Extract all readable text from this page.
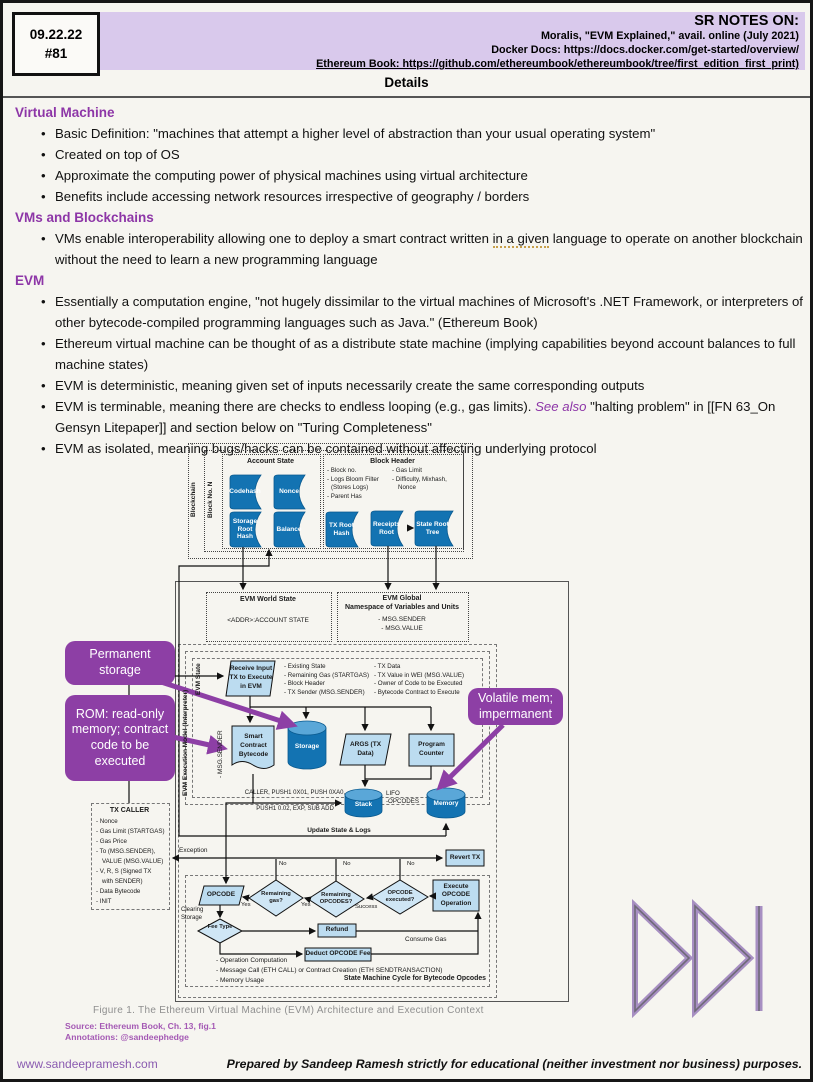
09.22.22
#81
SR NOTES ON:
Moralis, "EVM Explained," avail. online (July 2021)
Docker Docs: https://docs.docker.com/get-started/overview/
Ethereum Book: https://github.com/ethereumbook/ethereumbook/tree/first_edition_first_print)
Details
Virtual Machine
• Basic Definition: "machines that attempt a higher level of abstraction than your usual operating system"
• Created on top of OS
• Approximate the computing power of physical machines using virtual architecture
• Benefits include accessing network resources irrespective of geography / borders
VMs and Blockchains
• VMs enable interoperability allowing one to deploy a smart contract written in a given language to operate on another blockchain without the need to learn a new programming language
EVM
• Essentially a computation engine, "not hugely dissimilar to the virtual machines of Microsoft's .NET Framework, or interpreters of other bytecode-compiled programming languages such as Java." (Ethereum Book)
• Ethereum virtual machine can be thought of as a distribute state machine (implying capabilities beyond account balances to full machine states)
• EVM is deterministic, meaning given set of inputs necessarily create the same corresponding outputs
• EVM is terminable, meaning there are checks to endless looping (e.g., gas limits). See also "halting problem" in [[FN 63_On Gensyn Litepaper]] and section below on "Turing Completeness"
• EVM as isolated, meaning bugs/hacks can be contained without affecting underlying protocol
Blockchain Block No. N
EVM State
EVM Execution Model (Interpreter)	- MSG.SENDER
Account State	Block Header
Codehash	Nonce
Storage Root Hash
Balance
TX Root Hash
Receipts Root
State Root Tree
- Block no.
- Logs Bloom Filter
(Stores Logs)
- Parent Has
- Gas Limit
- Difficulty, Mixhash,
Nonce
EVM World State
<ADDR>:ACCOUNT STATE
EVM Global
Namespace of Variables and Units
- MSG.SENDER
- MSG.VALUE
Receive Input TX to Execute in EVM
- Existing State
- Remaining Gas (STARTGAS)
- Block Header
- TX Sender (MSG.SENDER)
- TX Data
- TX Value in WEI (MSG.VALUE)
- Owner of Code to be Executed
- Bytecode Contract to Execute
Smart Contract Bytecode
Storage	ARGS (TX Data)
Program Counter
Stack
LIFO
-OPCODES	Memory
CALLER, PUSH1 0X01, PUSH 0XA0,
PUSH1 0.02, EXP, SUB ADD
Update State & Logs
Exception
Revert TX
No	No	No
OPCODE
Clearing
Storage
Yes	Yes	Success
Remaining gas?
Remaining OPCODES?
OPCODE executed?
Execute OPCODE Operation
Fee Type	Refund
Deduct OPCODE Fee
Consume Gas
- Operation Computation
- Message Call (ETH CALL) or Contract Creation (ETH SENDTRANSACTION)
- Memory Usage	State Machine Cycle for Bytecode Opcodes
TX CALLER
- Nonce
- Gas Limit (STARTGAS)
- Gas Price
- To (MSG.SENDER),
VALUE (MSG.VALUE)
- V, R, S (Signed TX
with SENDER)
- Data Bytecode
- INIT
Permanent storage
ROM: read-only memory; contract code to be executed
Volatile mem; impermanent
Figure 1. The Ethereum Virtual Machine (EVM) Architecture and Execution Context
Source: Ethereum Book, Ch. 13, fig.1
Annotations: @sandeephedge
www.sandeepramesh.com	Prepared by Sandeep Ramesh strictly for educational (neither investment nor business) purposes.
